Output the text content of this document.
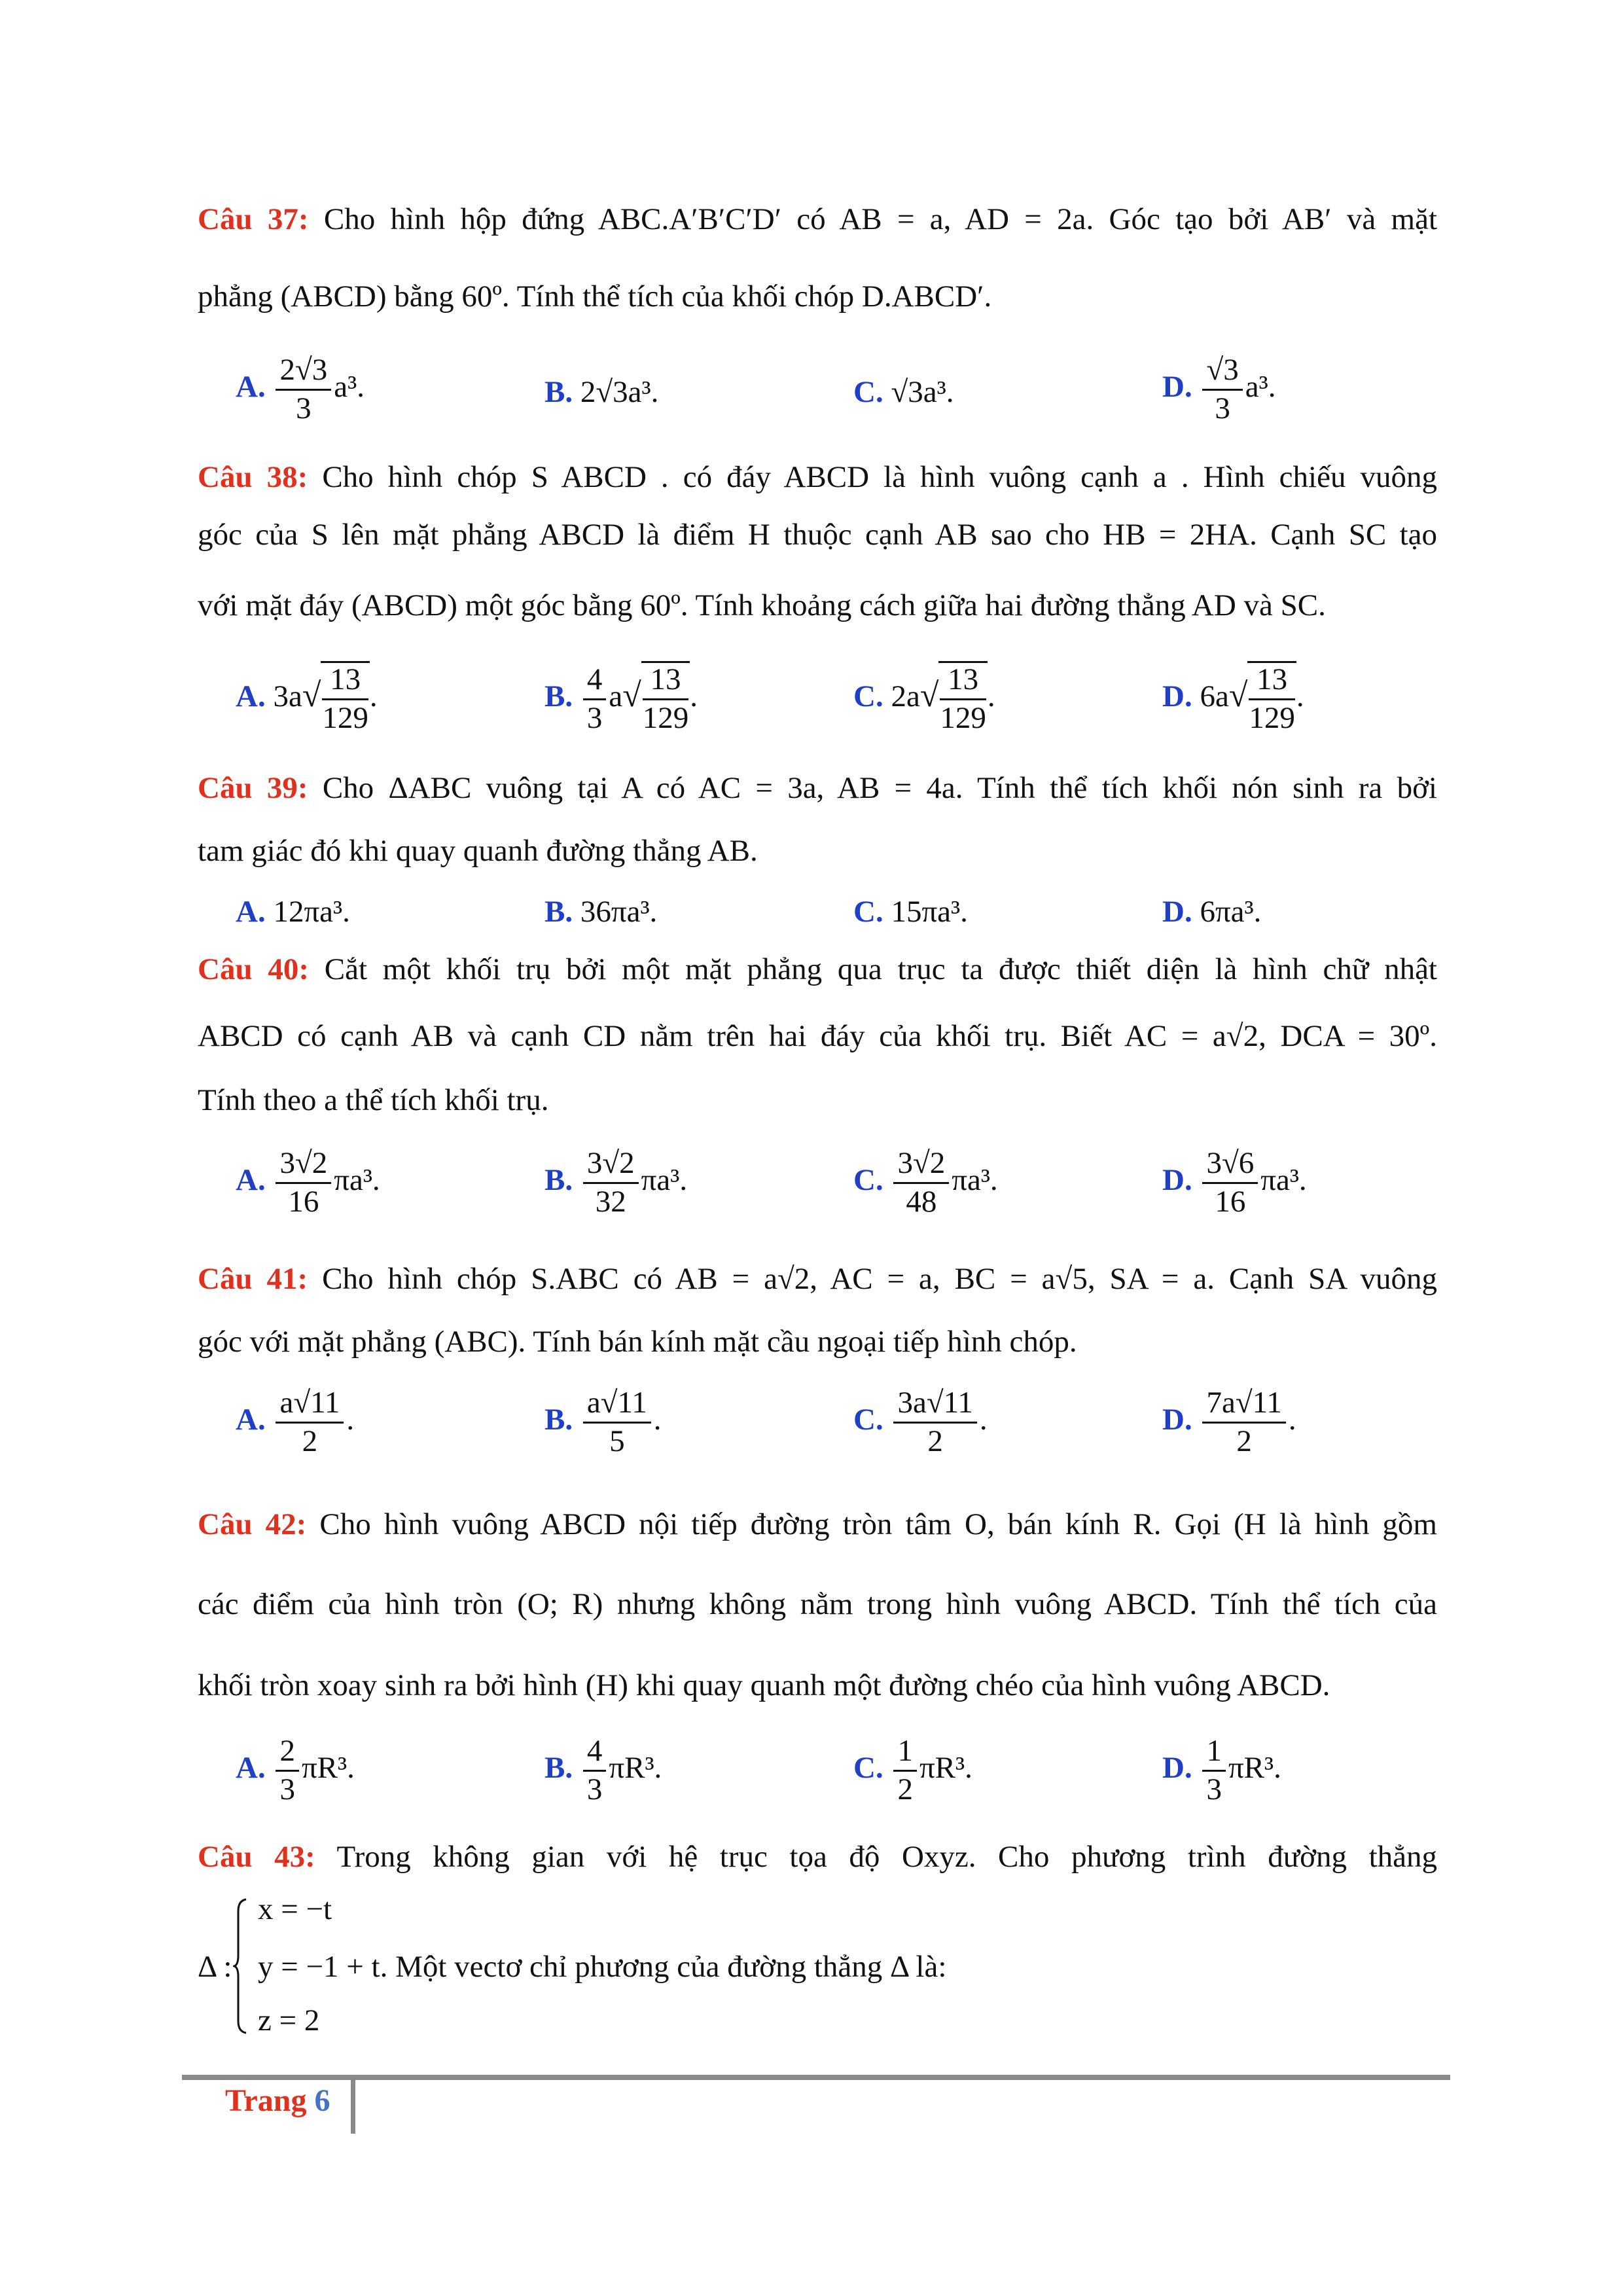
Câu 37: Cho hình hộp đứng ABC.A′B′C′D′ có AB = a, AD = 2a. Góc tạo bởi AB′ và mặt
phẳng (ABCD) bằng 60º. Tính thể tích của khối chóp D.ABCD′.
A. $\frac{2√3}{3} a^3$.	B. 2√3a³.	C. √3a³.	D. $\frac{√3}{3} a^3$.
Câu 38: Cho hình chóp S ABCD . có đáy ABCD là hình vuông cạnh a . Hình chiếu vuông
góc của S lên mặt phẳng ABCD là điểm H thuộc cạnh AB sao cho HB = 2HA. Cạnh SC tạo
với mặt đáy (ABCD) một góc bằng 60º. Tính khoảng cách giữa hai đường thẳng AD và SC.
A. $3a√ \frac{13}{129}$ .	B. $\frac{4}{3} a√ \frac{13}{129}$ .	C. $2a√ \frac{13}{129}$ .	D. $6a√ \frac{13}{129}$ .
Câu 39: Cho ΔABC vuông tại A có AC = 3a, AB = 4a. Tính thể tích khối nón sinh ra bởi
tam giác đó khi quay quanh đường thẳng AB.
A. 12πa³.	B. 36πa³.	C. 15πa³.	D. 6πa³.
Câu 40: Cắt một khối trụ bởi một mặt phẳng qua trục ta được thiết diện là hình chữ nhật
ABCD có cạnh AB và cạnh CD nằm trên hai đáy của khối trụ. Biết AC = a√2, DCA = 30º.
Tính theo a thể tích khối trụ.
A. $\frac{3√2}{16} \pi a^3$.	B. $\frac{3√2}{32} \pi a^3$.	C. $\frac{3√2}{48} \pi a^3$.	D. $\frac{3√6}{16} \pi a^3$.
Câu 41: Cho hình chóp S.ABC có AB = a√2, AC = a, BC = a√5, SA = a. Cạnh SA vuông
góc với mặt phẳng (ABC). Tính bán kính mặt cầu ngoại tiếp hình chóp.
A. $\frac{a√11}{2}$ .	B. $\frac{a√11}{5}$ .	C. $\frac{3a√11}{2}$ .	D. $\frac{7a√11}{2}$ .
Câu 42: Cho hình vuông ABCD nội tiếp đường tròn tâm O, bán kính R. Gọi (H là hình gồm
các điểm của hình tròn (O; R) nhưng không nằm trong hình vuông ABCD. Tính thể tích của
khối tròn xoay sinh ra bởi hình (H) khi quay quanh một đường chéo của hình vuông ABCD.
A. $\frac{2}{3} \pi R^3$.	B. $\frac{4}{3} \pi R^3$.	C. $\frac{1}{2} \pi R^3$.	D. $\frac{1}{3} \pi R^3$.
Câu 43: Trong không gian với hệ trục tọa độ Oxyz. Cho phương trình đường thẳng
Δ :
x = −t
y = −1 + t. Một vectơ chỉ phương của đường thẳng Δ là:
z = 2
Trang 6
